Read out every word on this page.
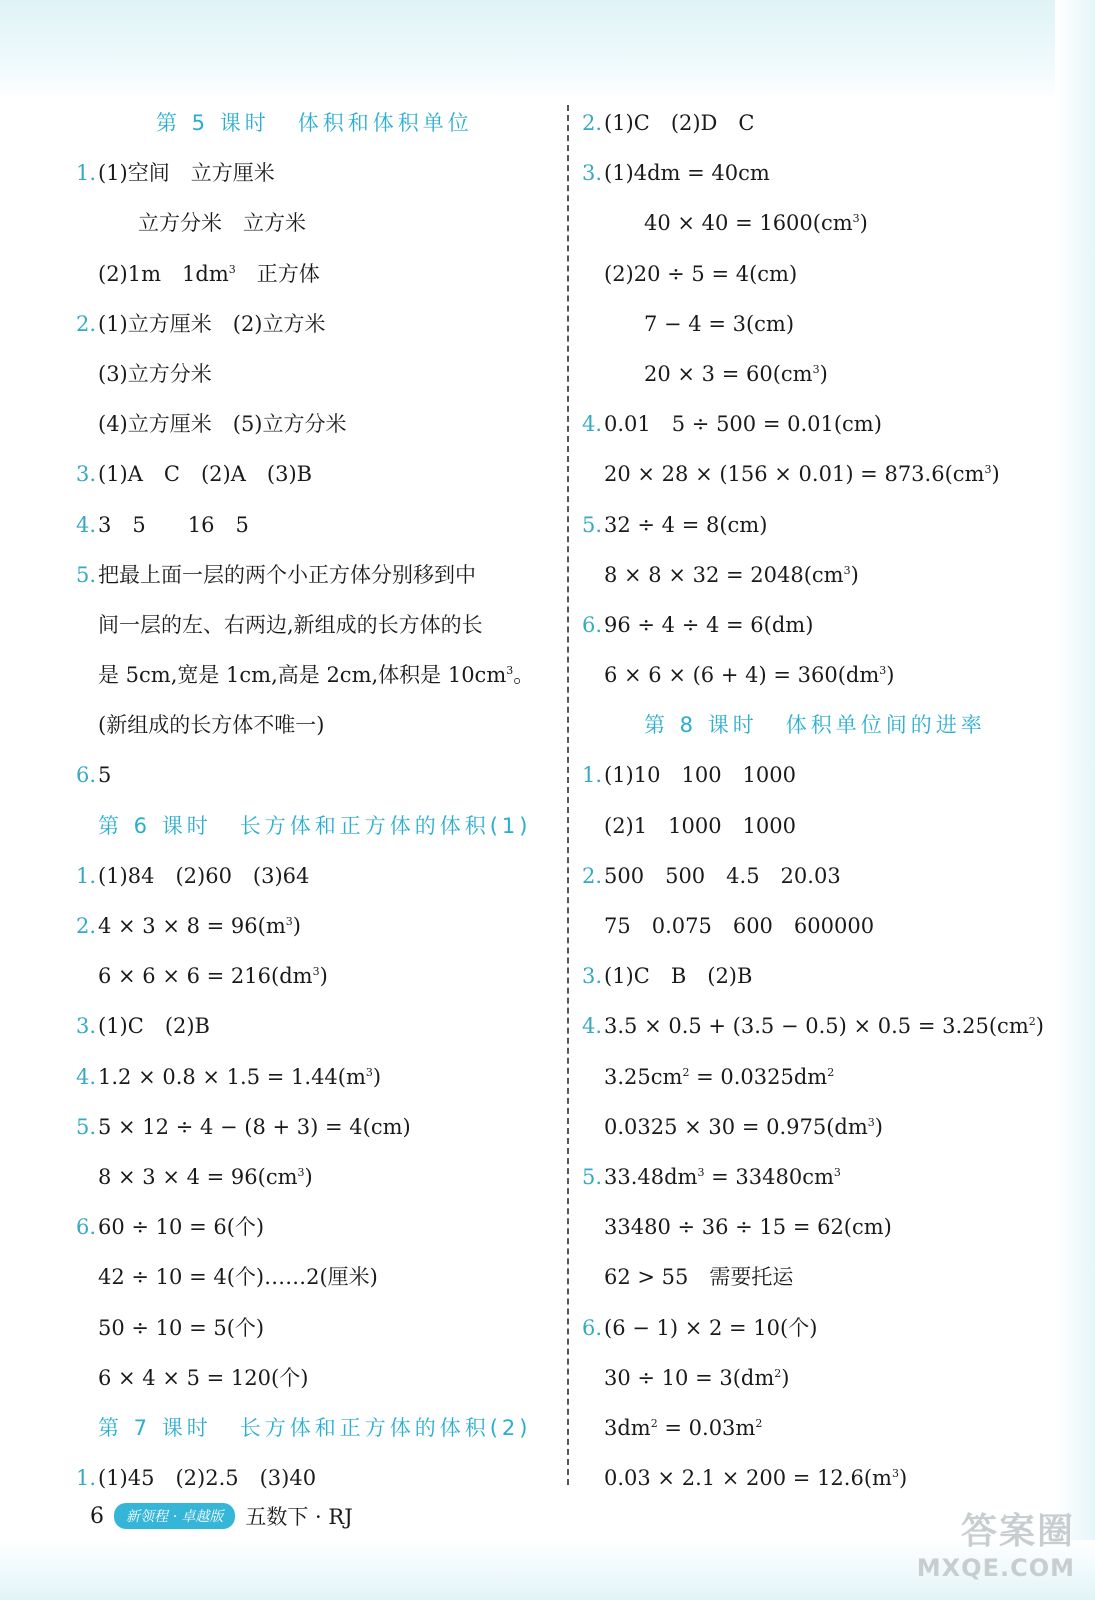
第 5 课时 体积和体积单位
1.(1)空间　立方厘米
立方分米　立方米
(2)1m　$1dm^3$　正方体
2.(1)立方厘米　(2)立方米
(3)立方分米
(4)立方厘米　(5)立方分米
3.(1)A　C　(2)A　(3)B
4.3　5　　16　5
5.把最上面一层的两个小正方体分别移到中
间一层的左、右两边,新组成的长方体的长
是 5cm,宽是 1cm,高是 2cm,体积是 $10cm^3$。
(新组成的长方体不唯一)
6.5
第 6 课时 长方体和正方体的体积(1)
1.(1)84　(2)60　(3)64
$2.4 \times 3 \times 8 = 96(m^3)$
$6 \times 6 \times 6 = 216(dm^3)$
3.(1)C　(2)B
$4.1.2 \times 0.8 \times 1.5 = 1.44(m^3)$
5.5 × 12 ÷ 4 − (8 + 3) = 4(cm)
$8 \times 3 \times 4 = 96(cm^3)$
6.60 ÷ 10 = 6(个)
42 ÷ 10 = 4(个)……2(厘米)
50 ÷ 10 = 5(个)
6 × 4 × 5 = 120(个)
第 7 课时 长方体和正方体的体积(2)
1.(1)45　(2)2.5　(3)40
2.(1)C　(2)D　C
3.(1)4dm = 40cm
$40 \times 40 = 1600(cm^3)$
(2)20 ÷ 5 = 4(cm)
7 − 4 = 3(cm)
$20 \times 3 = 60(cm^3)$
4.0.01　5 ÷ 500 = 0.01(cm)
$20 \times 28 \times (156 \times 0.01) = 873.6(cm^3)$
5.32 ÷ 4 = 8(cm)
$8 \times 8 \times 32 = 2048(cm^3)$
6.96 ÷ 4 ÷ 4 = 6(dm)
$6 \times 6 \times (6 + 4) = 360(dm^3)$
第 8 课时 体积单位间的进率
1.(1)10　100　1000
(2)1　1000　1000
2.500　500　4.5　20.03
75　0.075　600　600000
3.(1)C　B　(2)B
$4.3.5 \times 0.5 + (3.5 - 0.5) \times 0.5 = 3.25(cm^2)$
$3.25cm^2 = 0.0325dm^2$
$0.0325 \times 30 = 0.975(dm^3)$
$5.33.48dm^3 = 33480cm^3$
33480 ÷ 36 ÷ 15 = 62(cm)
62 > 55　需要托运
6.(6 − 1) × 2 = 10(个)
$30 \div 10 = 3(dm^2)$
$3dm^2 = 0.03m^2$
$0.03 \times 2.1 \times 200 = 12.6(m^3)$
6	新领程 · 卓越版	五数下 · RJ	答案圈
MXQE.COM
